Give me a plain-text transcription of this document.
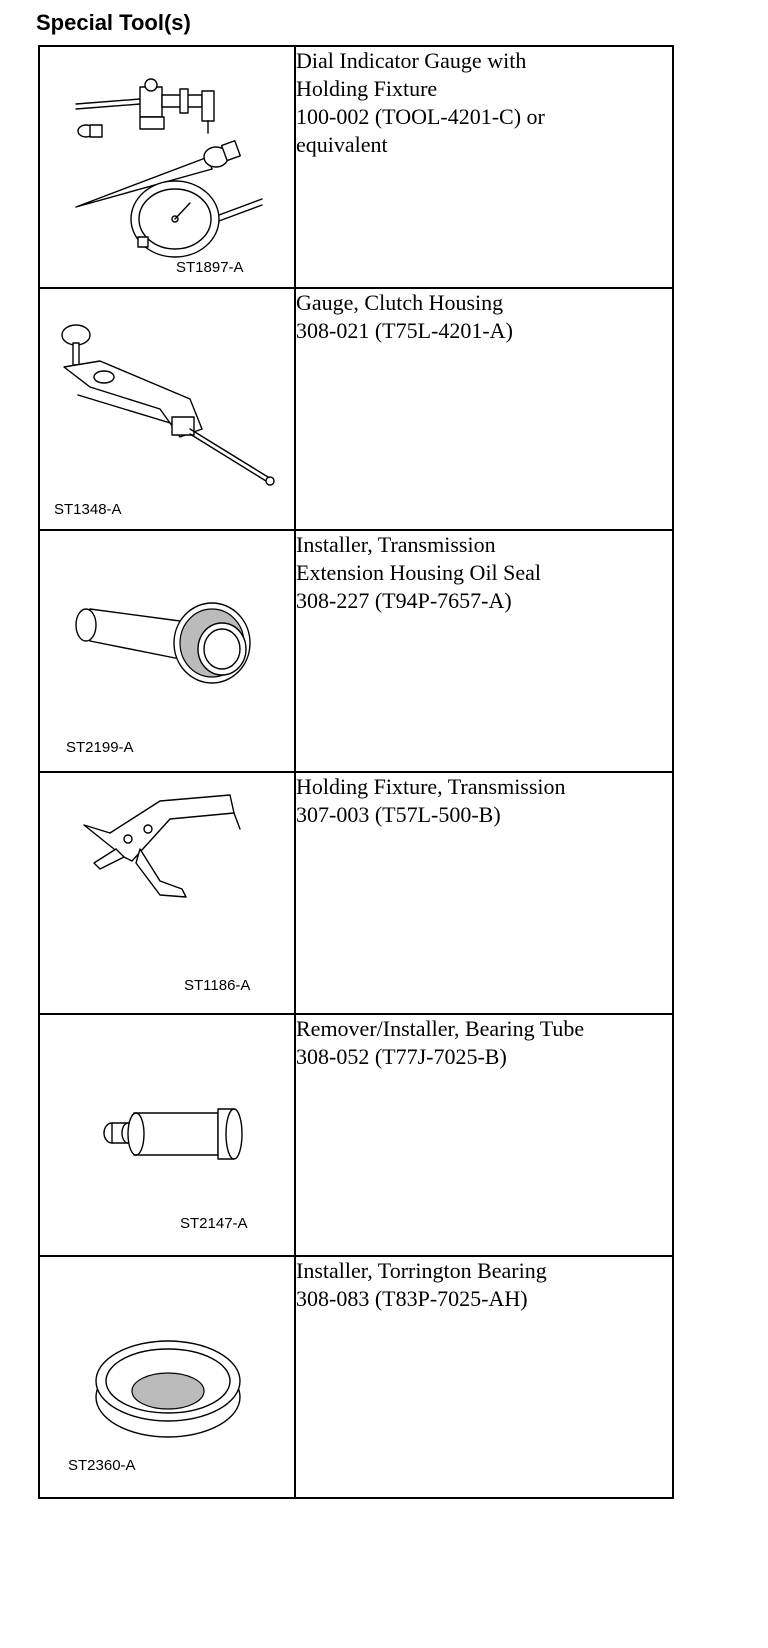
Special Tool(s)
ST1897-A	Dial Indicator Gauge with
Holding Fixture
100-002 (TOOL-4201-C) or
equivalent

ST1348-A	Gauge, Clutch Housing
308-021 (T75L-4201-A)

ST2199-A	Installer, Transmission
Extension Housing Oil Seal
308-227 (T94P-7657-A)

ST1186-A	Holding Fixture, Transmission
307-003 (T57L-500-B)

ST2147-A	Remover/Installer, Bearing Tube
308-052 (T77J-7025-B)

ST2360-A	Installer, Torrington Bearing
308-083 (T83P-7025-AH)
